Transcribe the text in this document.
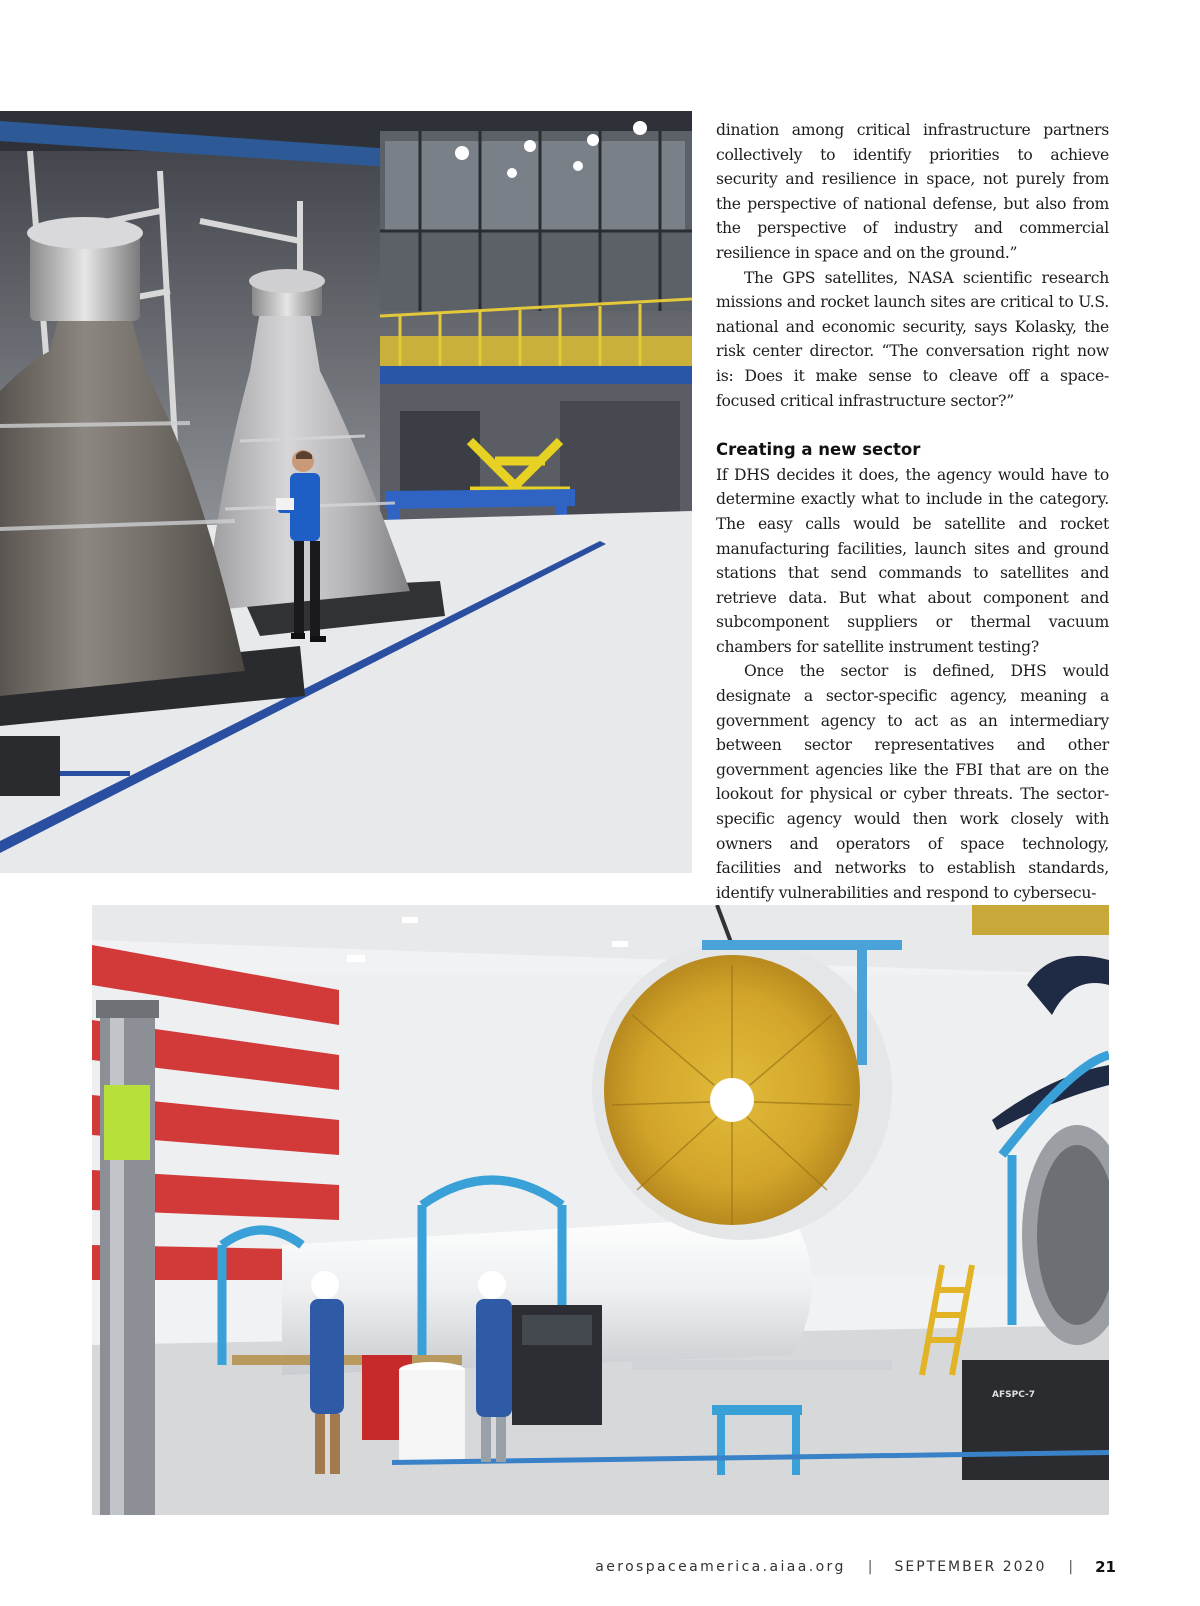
dination among critical infrastructure partners collectively to identify priorities to achieve security and resilience in space, not purely from the perspective of national defense, but also from the perspective of industry and commercial resilience in space and on the ground.”

The GPS satellites, NASA scientific research missions and rocket launch sites are critical to U.S. national and economic security, says Kolasky, the risk center director. “The conversation right now is: Does it make sense to cleave off a space-focused critical infrastructure sector?”

Creating a new sector

If DHS decides it does, the agency would have to determine exactly what to include in the category. The easy calls would be satellite and rocket manufacturing facilities, launch sites and ground stations that send commands to satellites and retrieve data. But what about component and subcomponent suppliers or thermal vacuum chambers for satellite instrument testing?

Once the sector is defined, DHS would designate a sector-specific agency, meaning a government agency to act as an intermediary between sector representatives and other government agencies like the FBI that are on the lookout for physical or cyber threats. The sector-specific agency would then work closely with owners and operators of space technology, facilities and networks to establish standards, identify vulnerabilities and respond to cybersecu-

AFSPC-7
aerospaceamerica.aiaa.org | SEPTEMBER 2020 | 21
